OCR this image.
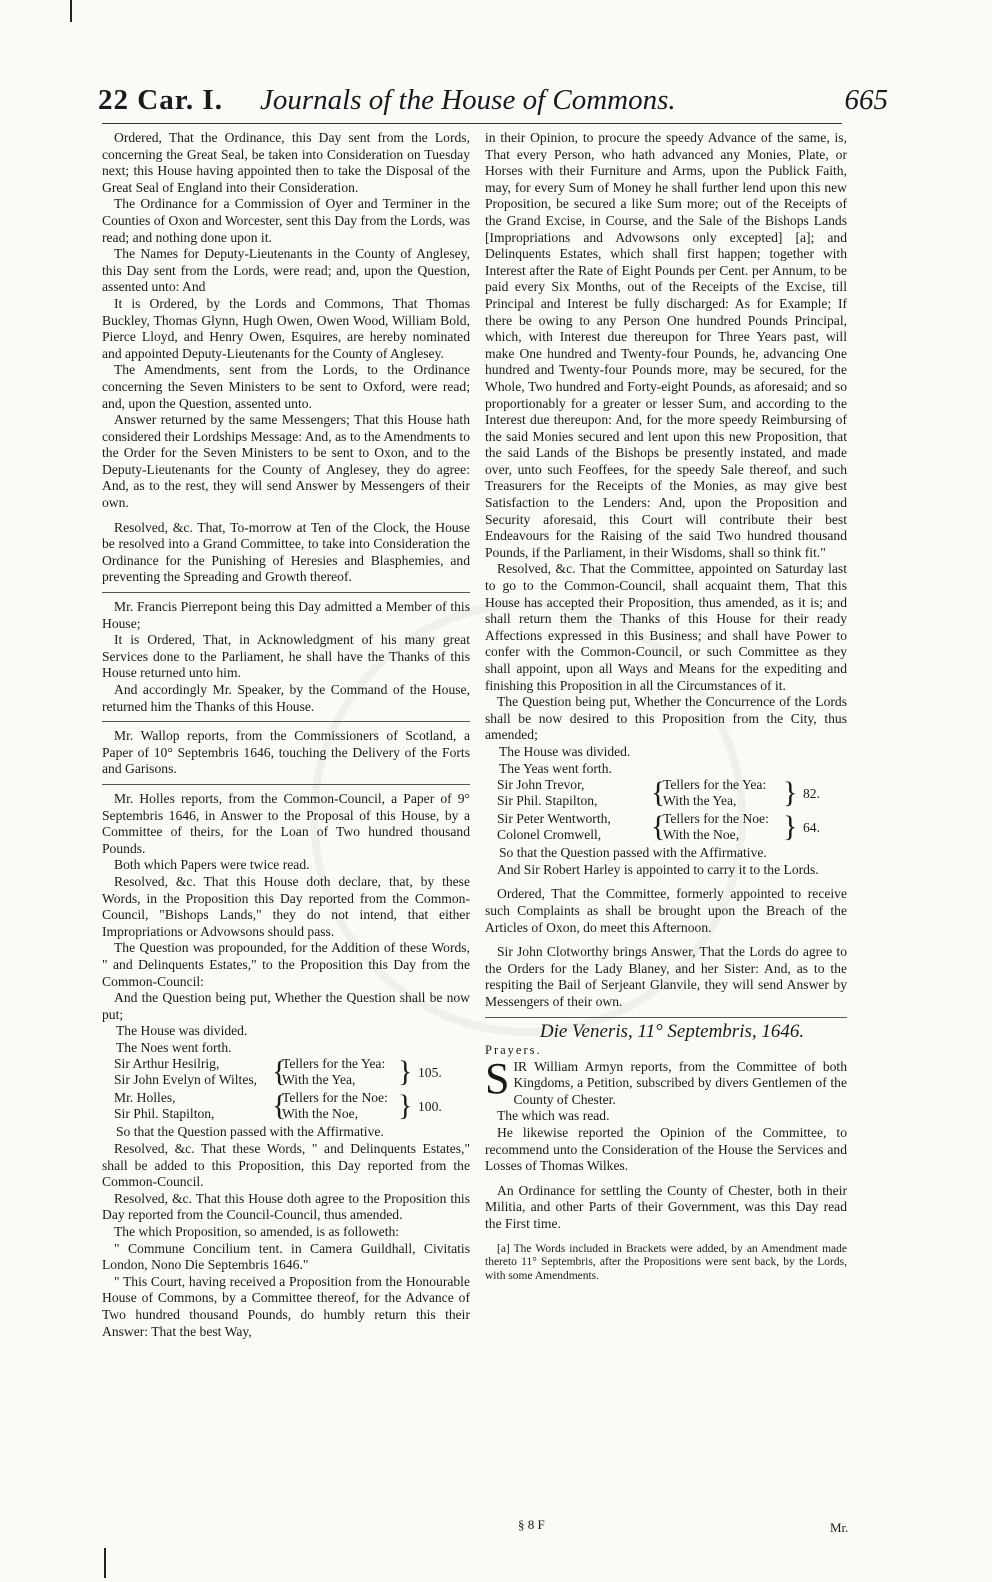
22 Car. I. Journals of the House of Commons.	665

Ordered, That the Ordinance, this Day sent from the Lords, concerning the Great Seal, be taken into Consideration on Tuesday next; this House having appointed then to take the Disposal of the Great Seal of England into their Consideration.

The Ordinance for a Commission of Oyer and Terminer in the Counties of Oxon and Worcester, sent this Day from the Lords, was read; and nothing done upon it.

The Names for Deputy-Lieutenants in the County of Anglesey, this Day sent from the Lords, were read; and, upon the Question, assented unto: And

It is Ordered, by the Lords and Commons, That Thomas Buckley, Thomas Glynn, Hugh Owen, Owen Wood, William Bold, Pierce Lloyd, and Henry Owen, Esquires, are hereby nominated and appointed Deputy-Lieutenants for the County of Anglesey.

The Amendments, sent from the Lords, to the Ordinance concerning the Seven Ministers to be sent to Oxford, were read; and, upon the Question, assented unto.

Answer returned by the same Messengers; That this House hath considered their Lordships Message: And, as to the Amendments to the Order for the Seven Ministers to be sent to Oxon, and to the Deputy-Lieutenants for the County of Anglesey, they do agree: And, as to the rest, they will send Answer by Messengers of their own.

Resolved, &c. That, To-morrow at Ten of the Clock, the House be resolved into a Grand Committee, to take into Consideration the Ordinance for the Punishing of Heresies and Blasphemies, and preventing the Spreading and Growth thereof.

Mr. Francis Pierrepont being this Day admitted a Member of this House;

It is Ordered, That, in Acknowledgment of his many great Services done to the Parliament, he shall have the Thanks of this House returned unto him.

And accordingly Mr. Speaker, by the Command of the House, returned him the Thanks of this House.

Mr. Wallop reports, from the Commissioners of Scotland, a Paper of 10° Septembris 1646, touching the Delivery of the Forts and Garisons.

Mr. Holles reports, from the Common-Council, a Paper of 9° Septembris 1646, in Answer to the Proposal of this House, by a Committee of theirs, for the Loan of Two hundred thousand Pounds.

Both which Papers were twice read.

Resolved, &c. That this House doth declare, that, by these Words, in the Proposition this Day reported from the Common-Council, "Bishops Lands," they do not intend, that either Impropriations or Advowsons should pass.

The Question was propounded, for the Addition of these Words, " and Delinquents Estates," to the Proposition this Day from the Common-Council:

And the Question being put, Whether the Question shall be now put;

The House was divided.

The Noes went forth.

Sir Arthur Hesilrig,
Sir John Evelyn of Wiltes, {
Tellers for the Yea:
With the Yea, } 105.
Mr. Holles,
Sir Phil. Stapilton, {
Tellers for the Noe:
With the Noe, } 100.

So that the Question passed with the Affirmative.

Resolved, &c. That these Words, " and Delinquents Estates," shall be added to this Proposition, this Day reported from the Common-Council.

Resolved, &c. That this House doth agree to the Proposition this Day reported from the Council-Council, thus amended.

The which Proposition, so amended, is as followeth:

" Commune Concilium tent. in Camera Guildhall, Civitatis London, Nono Die Septembris 1646."

" This Court, having received a Proposition from the Honourable House of Commons, by a Committee thereof, for the Advance of Two hundred thousand Pounds, do humbly return this their Answer: That the best Way,

in their Opinion, to procure the speedy Advance of the same, is, That every Person, who hath advanced any Monies, Plate, or Horses with their Furniture and Arms, upon the Publick Faith, may, for every Sum of Money he shall further lend upon this new Proposition, be secured a like Sum more; out of the Receipts of the Grand Excise, in Course, and the Sale of the Bishops Lands [Impropriations and Advowsons only excepted] [a]; and Delinquents Estates, which shall first happen; together with Interest after the Rate of Eight Pounds per Cent. per Annum, to be paid every Six Months, out of the Receipts of the Excise, till Principal and Interest be fully discharged: As for Example; If there be owing to any Person One hundred Pounds Principal, which, with Interest due thereupon for Three Years past, will make One hundred and Twenty-four Pounds, he, advancing One hundred and Twenty-four Pounds more, may be secured, for the Whole, Two hundred and Forty-eight Pounds, as aforesaid; and so proportionably for a greater or lesser Sum, and according to the Interest due thereupon: And, for the more speedy Reimbursing of the said Monies secured and lent upon this new Proposition, that the said Lands of the Bishops be presently instated, and made over, unto such Feoffees, for the speedy Sale thereof, and such Treasurers for the Receipts of the Monies, as may give best Satisfaction to the Lenders: And, upon the Proposition and Security aforesaid, this Court will contribute their best Endeavours for the Raising of the said Two hundred thousand Pounds, if the Parliament, in their Wisdoms, shall so think fit."

Resolved, &c. That the Committee, appointed on Saturday last to go to the Common-Council, shall acquaint them, That this House has accepted their Proposition, thus amended, as it is; and shall return them the Thanks of this House for their ready Affections expressed in this Business; and shall have Power to confer with the Common-Council, or such Committee as they shall appoint, upon all Ways and Means for the expediting and finishing this Proposition in all the Circumstances of it.

The Question being put, Whether the Concurrence of the Lords shall be now desired to this Proposition from the City, thus amended;

The House was divided.

The Yeas went forth.

Sir John Trevor,
Sir Phil. Stapilton, {
Tellers for the Yea:
With the Yea, } 82.
Sir Peter Wentworth,
Colonel Cromwell, {
Tellers for the Noe:
With the Noe, } 64.

So that the Question passed with the Affirmative.

And Sir Robert Harley is appointed to carry it to the Lords.

Ordered, That the Committee, formerly appointed to receive such Complaints as shall be brought upon the Breach of the Articles of Oxon, do meet this Afternoon.

Sir John Clotworthy brings Answer, That the Lords do agree to the Orders for the Lady Blaney, and her Sister: And, as to the respiting the Bail of Serjeant Glanvile, they will send Answer by Messengers of their own.

Die Veneris, 11° Septembris, 1646.

Prayers.

SIR William Armyn reports, from the Committee of both Kingdoms, a Petition, subscribed by divers Gentlemen of the County of Chester.

The which was read.

He likewise reported the Opinion of the Committee, to recommend unto the Consideration of the House the Services and Losses of Thomas Wilkes.

An Ordinance for settling the County of Chester, both in their Militia, and other Parts of their Government, was this Day read the First time.

[a] The Words included in Brackets were added, by an Amendment made thereto 11° Septembris, after the Propositions were sent back, by the Lords, with some Amendments.

§ 8 F	Mr.
